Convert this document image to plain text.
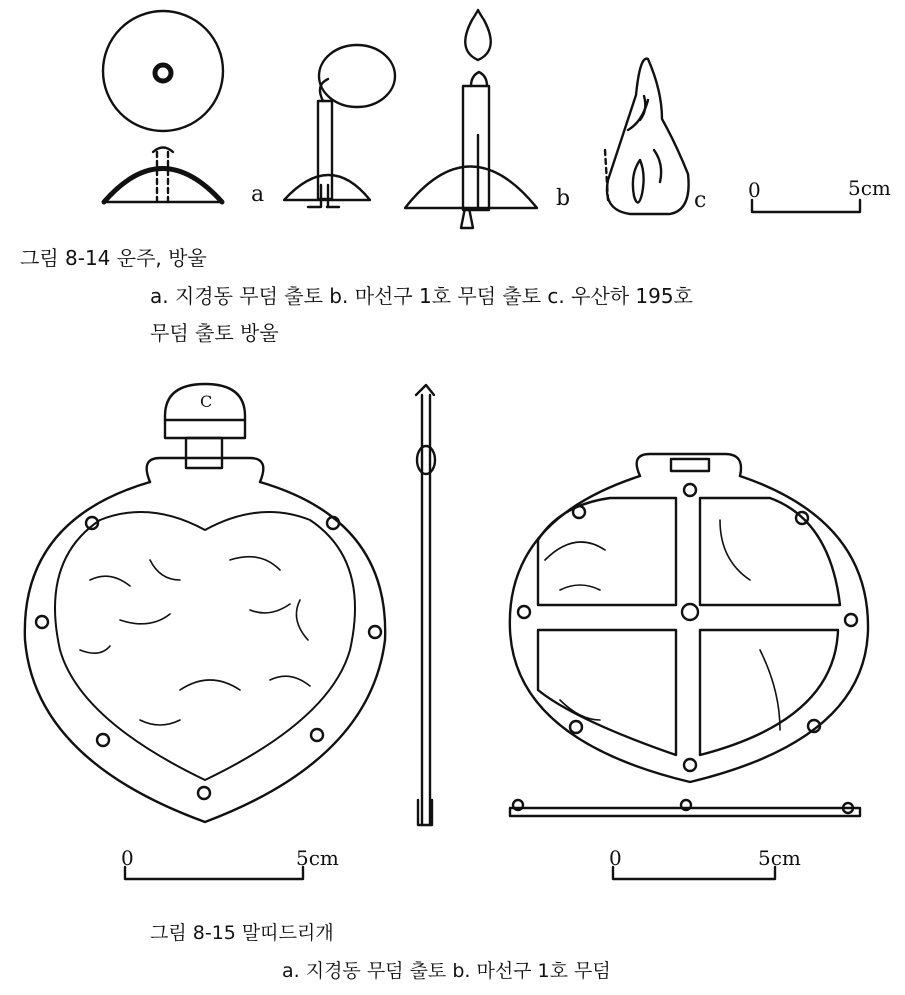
a	b	c 0	5cm
그림 8-14 운주, 방울
a. 지경동 무덤 출토 b. 마선구 1호 무덤 출토 c. 우산하 195호
무덤 출토 방울
C
0	5cm	0	5cm
그림 8-15 말띠드리개
a. 지경동 무덤 출토 b. 마선구 1호 무덤
